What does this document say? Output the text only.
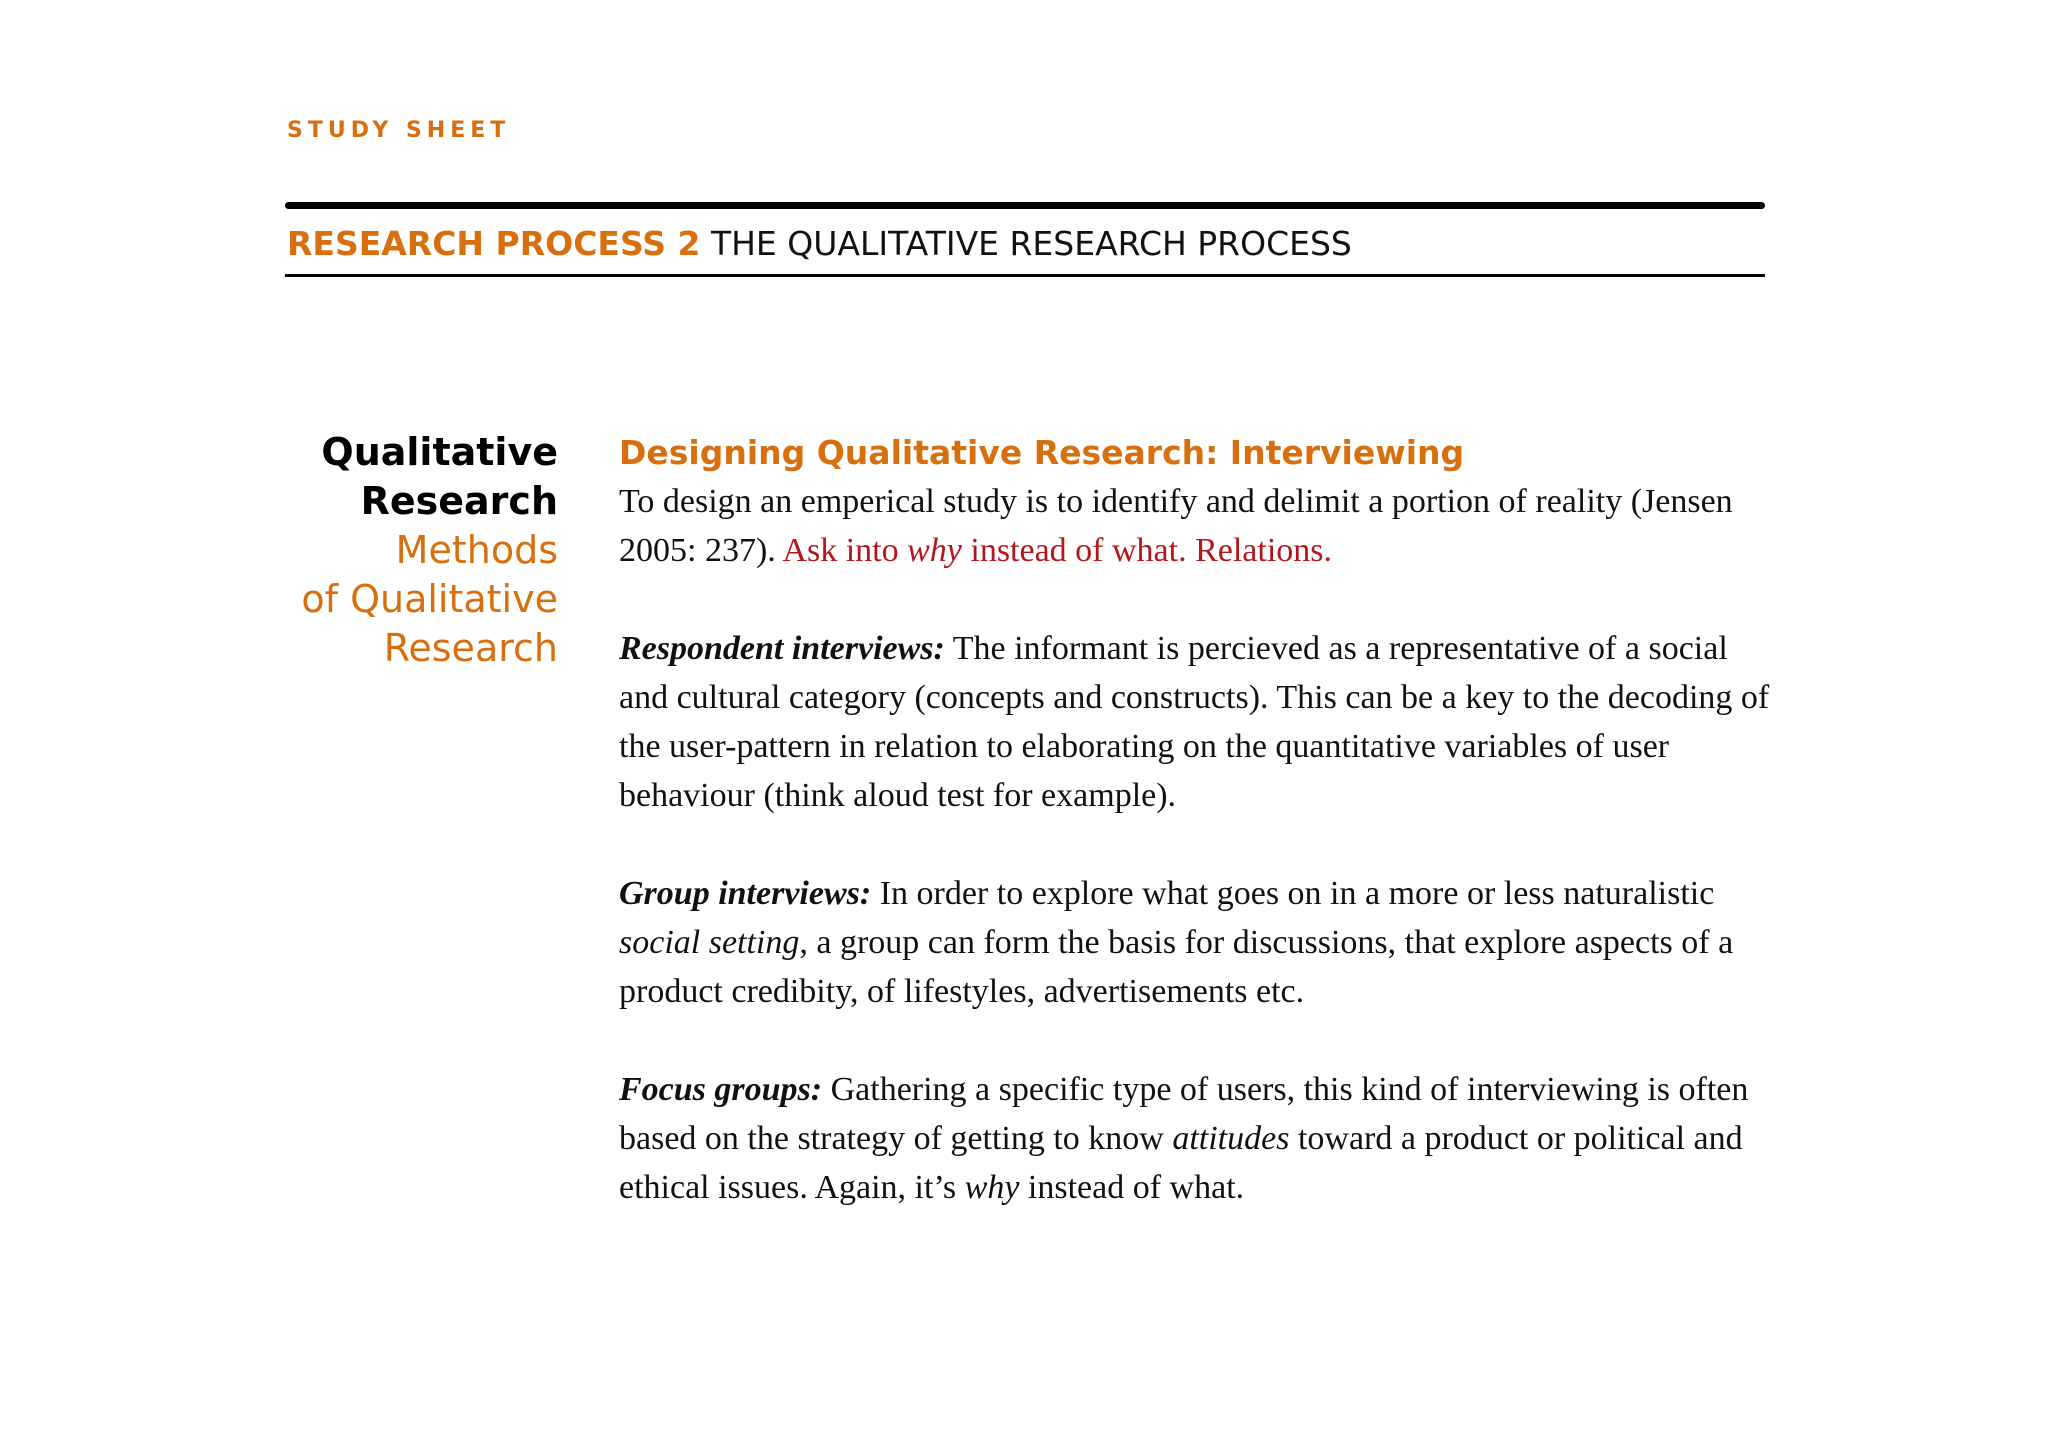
STUDY SHEET
RESEARCH PROCESS 2 THE QUALITATIVE RESEARCH PROCESS
Qualitative
Research
Methods
of Qualitative
Research
Designing Qualitative Research: Interviewing

To design an emperical study is to identify and delimit a portion of reality (Jensen 2005: 237). Ask into why instead of what. Relations.

Respondent interviews: The informant is percieved as a representative of a social and cultural category (concepts and constructs). This can be a key to the decoding of the user-pattern in relation to elaborating on the quantitative variables of user behaviour (think aloud test for example).

Group interviews: In order to explore what goes on in a more or less naturalistic social setting, a group can form the basis for discussions, that explore aspects of a product credibity, of lifestyles, advertisements etc.

Focus groups: Gathering a specific type of users, this kind of interviewing is often based on the strategy of getting to know attitudes toward a product or political and ethical issues. Again, it’s why instead of what.
